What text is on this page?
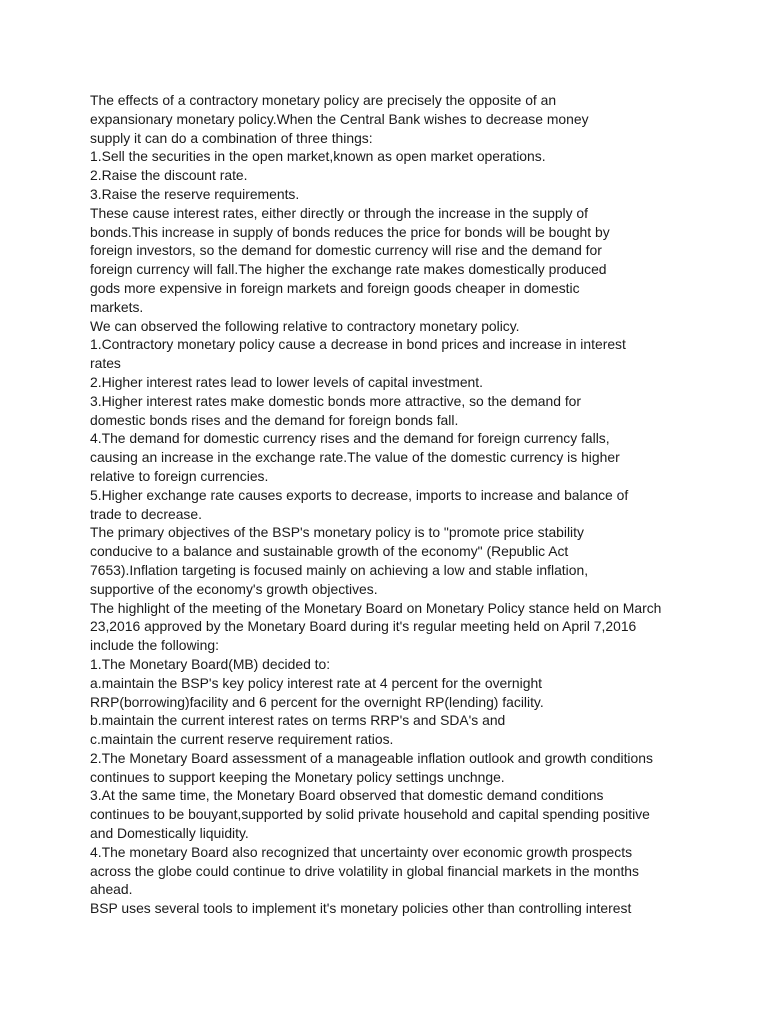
The effects of a contractory monetary policy are precisely the opposite of an
expansionary monetary policy.When the Central Bank wishes to decrease money
supply it can do a combination of three things:
1.Sell the securities in the open market,known as open market operations.
2.Raise the discount rate.
3.Raise the reserve requirements.
These cause interest rates, either directly or through the increase in the supply of
bonds.This increase in supply of bonds reduces the price for bonds will be bought by
foreign investors, so the demand for domestic currency will rise and the demand for
foreign currency will fall.The higher the exchange rate makes domestically produced
gods more expensive in foreign markets and foreign goods cheaper in domestic
markets.
We can observed the following relative to contractory monetary policy.
1.Contractory monetary policy cause a decrease in bond prices and increase in interest
rates
2.Higher interest rates lead to lower levels of capital investment.
3.Higher interest rates make domestic bonds more attractive, so the demand for
domestic bonds rises and the demand for foreign bonds fall.
4.The demand for domestic currency rises and the demand for foreign currency falls,
causing an increase in the exchange rate.The value of the domestic currency is higher
relative to foreign currencies.
5.Higher exchange rate causes exports to decrease, imports to increase and balance of
trade to decrease.
The primary objectives of the BSP's monetary policy is to "promote price stability
conducive to a balance and sustainable growth of the economy" (Republic Act
7653).Inflation targeting is focused mainly on achieving a low and stable inflation,
supportive of the economy's growth objectives.
The highlight of the meeting of the Monetary Board on Monetary Policy stance held on March
23,2016 approved by the Monetary Board during it's regular meeting held on April 7,2016
include the following:
1.The Monetary Board(MB) decided to:
a.maintain the BSP's key policy interest rate at 4 percent for the overnight
RRP(borrowing)facility and 6 percent for the overnight RP(lending) facility.
b.maintain the current interest rates on terms RRP's and SDA's and
c.maintain the current reserve requirement ratios.
2.The Monetary Board assessment of a manageable inflation outlook and growth conditions
continues to support keeping the Monetary policy settings unchnge.
3.At the same time, the Monetary Board observed that domestic demand conditions
continues to be bouyant,supported by solid private household and capital spending positive
and Domestically liquidity.
4.The monetary Board also recognized that uncertainty over economic growth prospects
across the globe could continue to drive volatility in global financial markets in the months
ahead.
BSP uses several tools to implement it's monetary policies other than controlling interest
